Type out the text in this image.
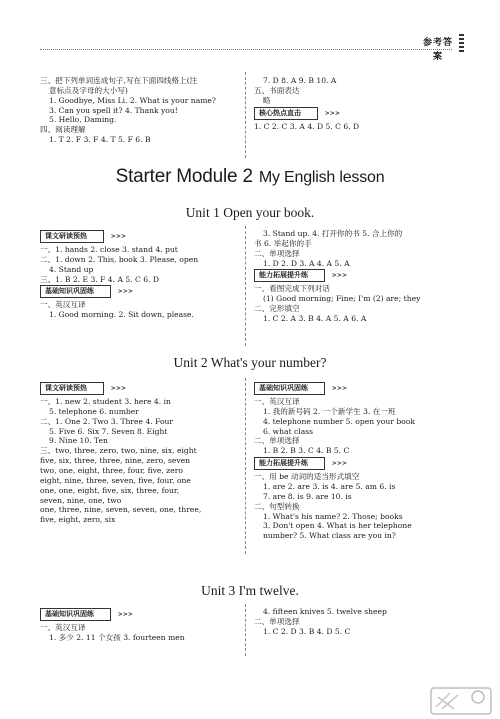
参考答案
三、把下列单词连成句子,写在下面四线格上(注
意标点及字母的大小写)
1. Goodbye, Miss Li. 2. What is your name?
3. Can you spell it? 4. Thank you!
5. Hello, Daming.
四、阅读理解
1. T 2. F 3. F 4. T 5. F 6. B
7. D 8. A 9. B 10. A
五、书面表达
略
核心热点直击 > > >
1. C 2. C 3. A 4. D 5. C 6. D
Starter Module 2 My English lesson
Unit 1 Open your book.
课文研读预热 > > >
一、1. hands 2. close 3. stand 4. put
二、1. down 2. This, book 3. Please, open
4. Stand up
三、1. B 2. E 3. F 4. A 5. C 6. D
基础知识巩固练 > > >
一、英汉互译
1. Good morning. 2. Sit down, please.
3. Stand up. 4. 打开你的书 5. 合上你的
书 6. 举起你的手
二、单项选择
1. D 2. D 3. A 4. A 5. A
能力拓展提升练 > > >
一、看图完成下列对话
(1) Good morning; Fine; I'm (2) are; they
二、完形填空
1. C 2. A 3. B 4. A 5. A 6. A
Unit 2 What's your number?
课文研读预热 > > >
一、1. new 2. student 3. here 4. in
5. telephone 6. number
二、1. One 2. Two 3. Three 4. Four
5. Five 6. Six 7. Seven 8. Eight
9. Nine 10. Ten
三、two, three, zero, two, nine, six, eight
five, six, three, three, nine, zero, seven
two, one, eight, three, four, five, zero
eight, nine, three, seven, five, four, one
one, one, eight, five, six, three, four,
seven, nine, one, two
one, three, nine, seven, seven, one, three,
five, eight, zero, six
基础知识巩固练 > > >
一、英汉互译
1. 我的新号码 2. 一个新学生 3. 在一班
4. telephone number 5. open your book
6. what class
二、单项选择
1. B 2. B 3. C 4. B 5. C
能力拓展提升练 > > >
一、用 be 动词的适当形式填空
1. are 2. are 3. is 4. are 5. am 6. is
7. are 8. is 9. are 10. is
二、句型转换
1. What's his name? 2. Those; books
3. Don't open 4. What is her telephone
number? 5. What class are you in?
Unit 3 I'm twelve.
基础知识巩固练 > > >
一、英汉互译
1. 多少 2. 11 个女孩 3. fourteen men
4. fifteen knives 5. twelve sheep
二、单项选择
1. C 2. D 3. B 4. D 5. C
